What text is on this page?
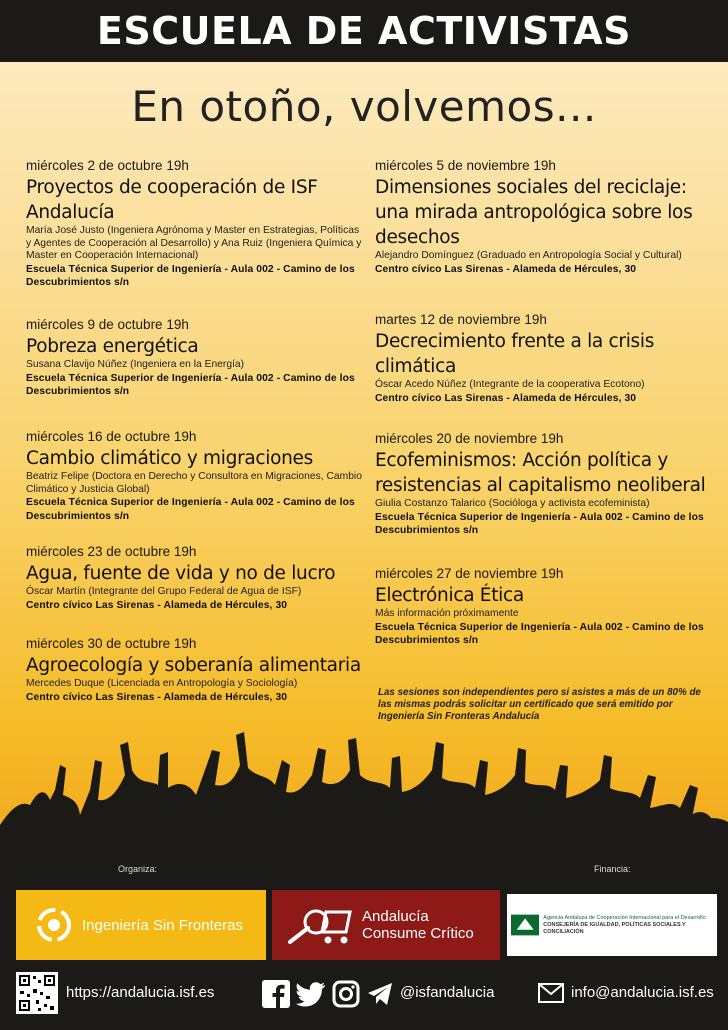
ESCUELA DE ACTIVISTAS
En otoño, volvemos...
miércoles 2 de octubre 19h
Proyectos de cooperación de ISF Andalucía
María José Justo (Ingeniera Agrónoma y Master en Estrategias, Políticas y Agentes de Cooperación al Desarrollo) y Ana Ruiz (Ingeniera Química y Master en Cooperación Internacional)
Escuela Técnica Superior de Ingeniería - Aula 002 - Camino de los Descubrimientos s/n
miércoles 9 de octubre 19h
Pobreza energética
Susana Clavijo Núñez (Ingeniera en la Energía)
Escuela Técnica Superior de Ingeniería - Aula 002 - Camino de los Descubrimientos s/n
miércoles 16 de octubre 19h
Cambio climático y migraciones
Beatriz Felipe (Doctora en Derecho y Consultora en Migraciones, Cambio Climático y Justicia Global)
Escuela Técnica Superior de Ingeniería - Aula 002 - Camino de los Descubrimientos s/n
miércoles 23 de octubre 19h
Agua, fuente de vida y no de lucro
Óscar Martín (Integrante del Grupo Federal de Agua de ISF)
Centro cívico Las Sirenas - Alameda de Hércules, 30
miércoles 30 de octubre 19h
Agroecología y soberanía alimentaria
Mercedes Duque (Licenciada en Antropología y Sociología)
Centro cívico Las Sirenas - Alameda de Hércules, 30
miércoles 5 de noviembre 19h
Dimensiones sociales del reciclaje: una mirada antropológica sobre los desechos
Alejandro Domínguez (Graduado en Antropología Social y Cultural)
Centro cívico Las Sirenas - Alameda de Hércules, 30
martes 12 de noviembre 19h
Decrecimiento frente a la crisis climática
Óscar Acedo Núñez (Integrante de la cooperativa Ecotono)
Centro cívico Las Sirenas - Alameda de Hércules, 30
miércoles 20 de noviembre 19h
Ecofeminismos: Acción política y resistencias al capitalismo neoliberal
Giulia Costanzo Talarico (Socióloga y activista ecofeminista)
Escuela Técnica Superior de Ingeniería - Aula 002 - Camino de los Descubrimientos s/n
miércoles 27 de noviembre 19h
Electrónica Ética
Más información próximamente
Escuela Técnica Superior de Ingeniería - Aula 002 - Camino de los Descubrimientos s/n
Las sesiones son independientes pero si asistes a más de un 80% de las mismas podrás solicitar un certificado que será emitido por Ingeniería Sin Fronteras Andalucía
Organiza:	Financia:
Ingeniería Sin Fronteras	Andalucía
Consume Crítico
Agencia Andaluza de Cooperación Internacional para el Desarrollo
CONSEJERÍA DE IGUALDAD, POLÍTICAS SOCIALES Y CONCILIACIÓN
https://andalucia.isf.es	@isfandalucia	info@andalucia.isf.es
